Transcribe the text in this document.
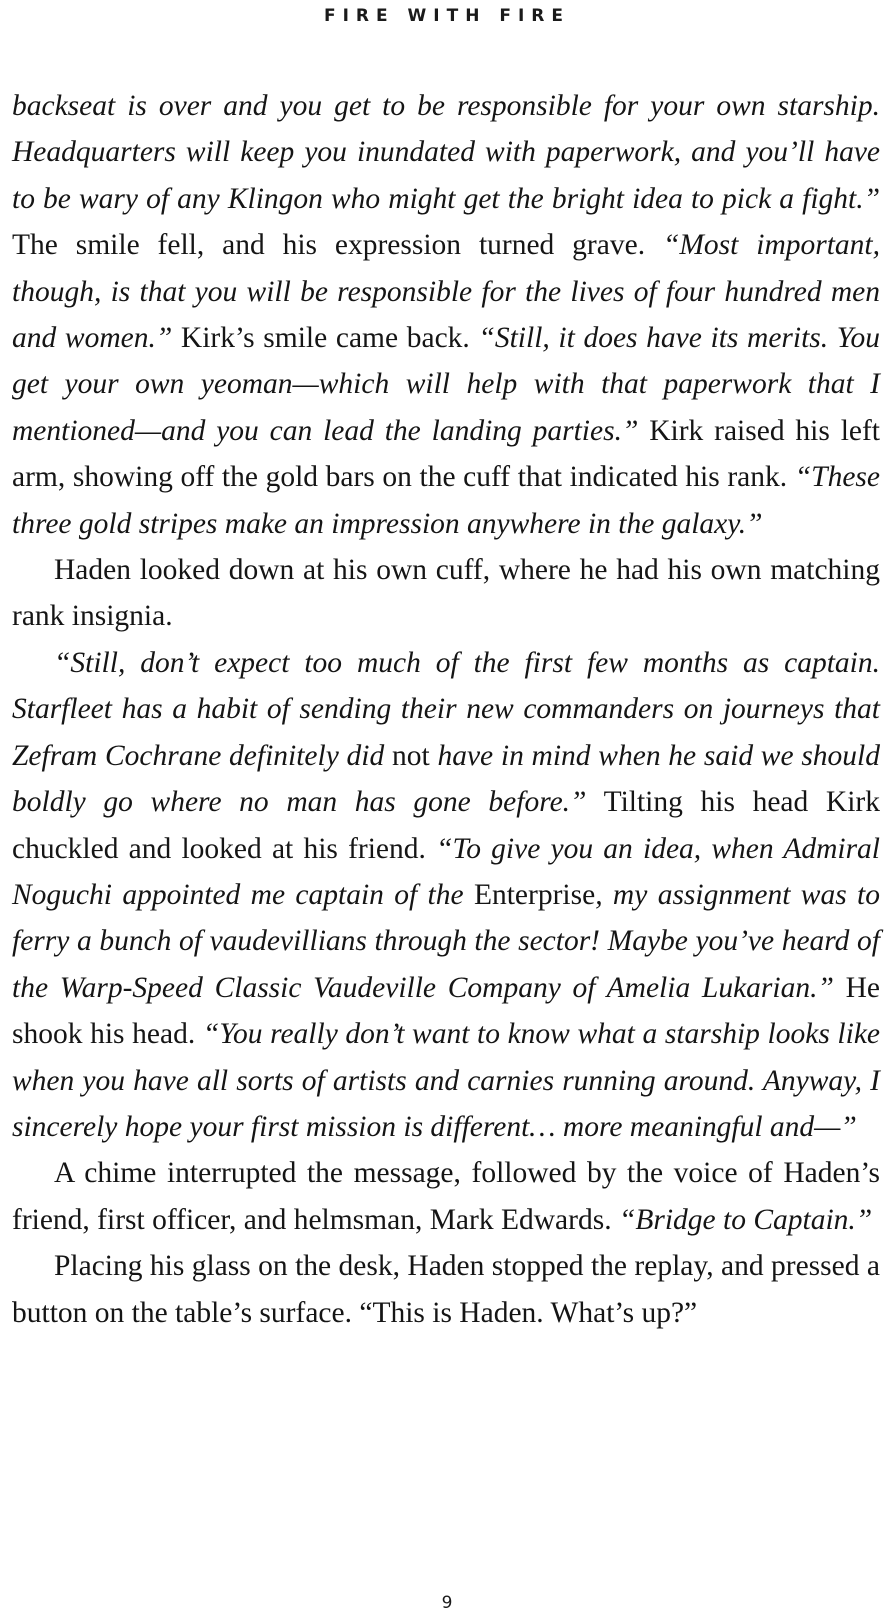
FIRE WITH FIRE

backseat is over and you get to be responsible for your own starship. Headquarters will keep you inundated with paperwork, and you’ll have to be wary of any Klingon who might get the bright idea to pick a fight.” The smile fell, and his expression turned grave. “Most important, though, is that you will be responsible for the lives of four hundred men and women.” Kirk’s smile came back. “Still, it does have its merits. You get your own yeoman—which will help with that paperwork that I mentioned—and you can lead the landing parties.” Kirk raised his left arm, showing off the gold bars on the cuff that indicated his rank. “These three gold stripes make an impression anywhere in the galaxy.”

Haden looked down at his own cuff, where he had his own matching rank insignia.

“Still, don’t expect too much of the first few months as captain. Starfleet has a habit of sending their new commanders on journeys that Zefram Cochrane definitely did not have in mind when he said we should boldly go where no man has gone before.” Tilting his head Kirk chuckled and looked at his friend. “To give you an idea, when Admiral Noguchi appointed me captain of the Enterprise, my assignment was to ferry a bunch of vaudevillians through the sector! Maybe you’ve heard of the Warp-Speed Classic Vaudeville Company of Amelia Lukarian.” He shook his head. “You really don’t want to know what a starship looks like when you have all sorts of artists and carnies running around. Anyway, I sincerely hope your first mission is different… more meaningful and—”

A chime interrupted the message, followed by the voice of Haden’s friend, first officer, and helmsman, Mark Edwards. “Bridge to Captain.”

Placing his glass on the desk, Haden stopped the replay, and pressed a button on the table’s surface. “This is Haden. What’s up?”

9
